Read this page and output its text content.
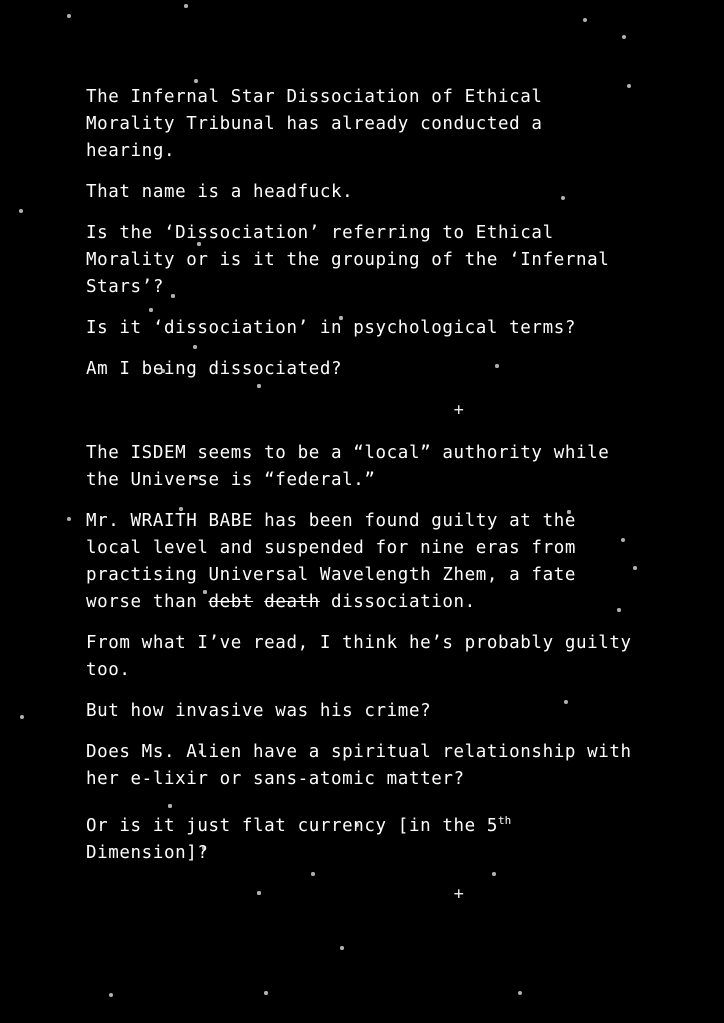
The Infernal Star Dissociation of Ethical Morality Tribunal has already conducted a hearing.

That name is a headfuck.

Is the ‘Dissociation’ referring to Ethical Morality or is it the grouping of the ‘Infernal Stars’?

Is it ‘dissociation’ in psychological terms?

Am I being dissociated?

+

The ISDEM seems to be a “local” authority while the Universe is “federal.”

Mr. WRAITH BABE has been found guilty at the local level and suspended for nine eras from practising Universal Wavelength Zhem, a fate worse than debt death dissociation.

From what I’ve read, I think he’s probably guilty too.

But how invasive was his crime?

Does Ms. Alien have a spiritual relationship with her e-lixir or sans-atomic matter?

Or is it just flat currency [in the 5th Dimension]?

+
